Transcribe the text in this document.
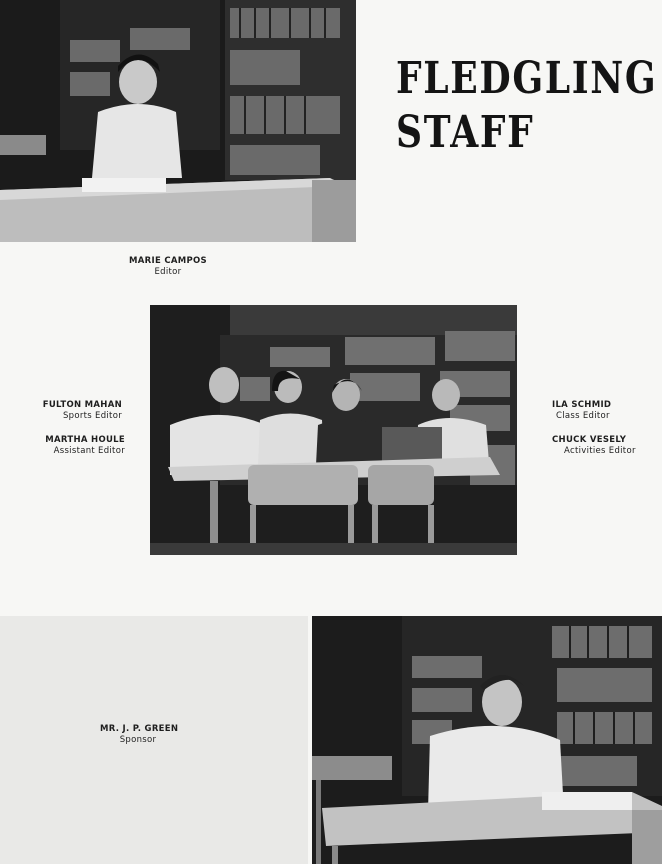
FLEDGLING
STAFF
MARIE CAMPOS
Editor
FULTON MAHAN
Sports Editor
MARTHA HOULE
Assistant Editor
ILA SCHMID
Class Editor
CHUCK VESELY
Activities Editor
MR. J. P. GREEN
Sponsor
